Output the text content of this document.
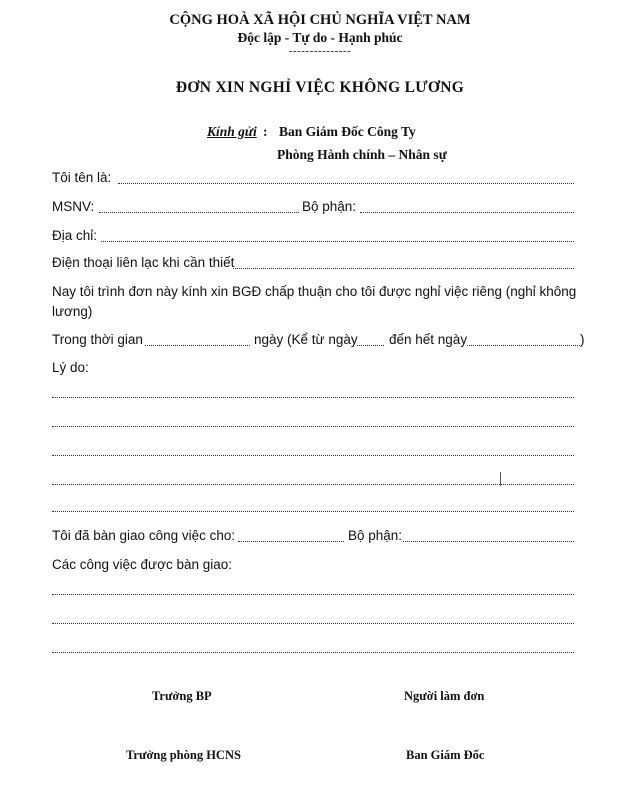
CỘNG HOÀ XÃ HỘI CHỦ NGHĨA VIỆT NAM
Độc lập - Tự do - Hạnh phúc
---------------
ĐƠN XIN NGHỈ VIỆC KHÔNG LƯƠNG
Kính gửi : Ban Giám Đốc Công Ty
Phòng Hành chính – Nhân sự
Tôi tên là:
MSNV:	Bộ phận:
Địa chỉ:
Điện thoại liên lạc khi cần thiết
Nay tôi trình đơn này kính xin BGĐ chấp thuận cho tôi được nghỉ việc riêng (nghỉ không
lương)
Trong thời gian	ngày (Kể từ ngày đến hết ngày	)
Lý do:
Tôi đã bàn giao công việc cho:	Bộ phận:
Các công việc được bàn giao:
Trưởng BP	Người làm đơn
Trưởng phòng HCNS	Ban Giám Đốc
